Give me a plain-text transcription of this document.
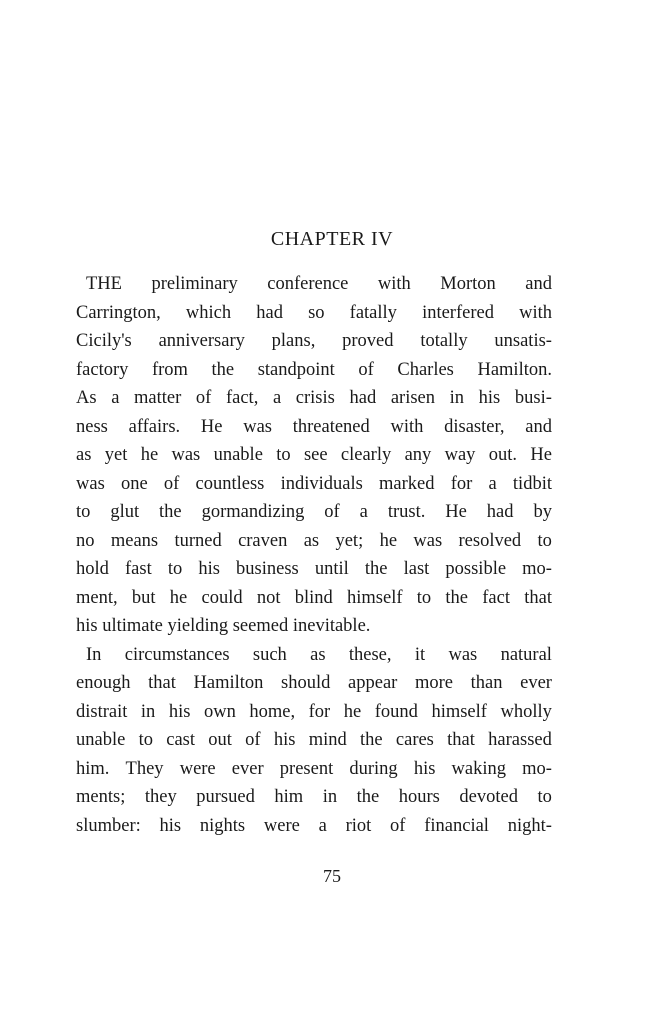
CHAPTER IV
THE preliminary conference with Morton and
Carrington, which had so fatally interfered with
Cicily's anniversary plans, proved totally unsatis-
factory from the standpoint of Charles Hamilton.
As a matter of fact, a crisis had arisen in his busi-
ness affairs. He was threatened with disaster, and
as yet he was unable to see clearly any way out. He
was one of countless individuals marked for a tidbit
to glut the gormandizing of a trust. He had by
no means turned craven as yet; he was resolved to
hold fast to his business until the last possible mo-
ment, but he could not blind himself to the fact that
his ultimate yielding seemed inevitable.
In circumstances such as these, it was natural
enough that Hamilton should appear more than ever
distrait in his own home, for he found himself wholly
unable to cast out of his mind the cares that harassed
him. They were ever present during his waking mo-
ments; they pursued him in the hours devoted to
slumber: his nights were a riot of financial night-
75
